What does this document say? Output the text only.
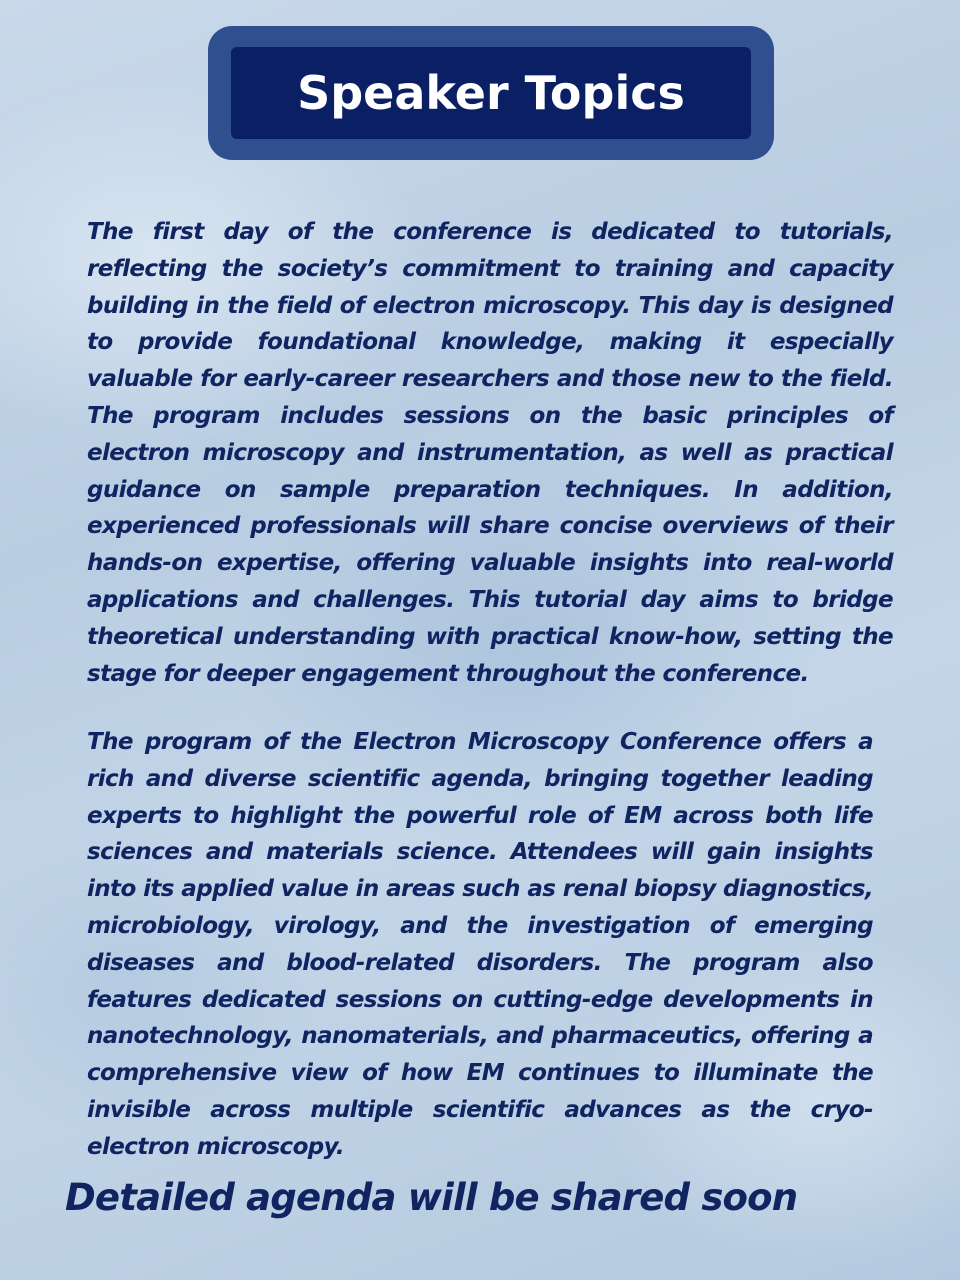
Speaker Topics

The first day of the conference is dedicated to tutorials, reflecting the society’s commitment to training and capacity building in the field of electron microscopy. This day is designed to provide foundational knowledge, making it especially valuable for early-career researchers and those new to the field. The program includes sessions on the basic principles of electron microscopy and instrumentation, as well as practical guidance on sample preparation techniques. In addition, experienced professionals will share concise overviews of their hands-on expertise, offering valuable insights into real-world applications and challenges. This tutorial day aims to bridge theoretical understanding with practical know-how, setting the stage for deeper engagement throughout the conference.

The program of the Electron Microscopy Conference offers a rich and diverse scientific agenda, bringing together leading experts to highlight the powerful role of EM across both life sciences and materials science. Attendees will gain insights into its applied value in areas such as renal biopsy diagnostics, microbiology, virology, and the investigation of emerging diseases and blood-related disorders. The program also features dedicated sessions on cutting-edge developments in nanotechnology, nanomaterials, and pharmaceutics, offering a comprehensive view of how EM continues to illuminate the invisible across multiple scientific advances as the cryo-electron microscopy.

Detailed agenda will be shared soon
